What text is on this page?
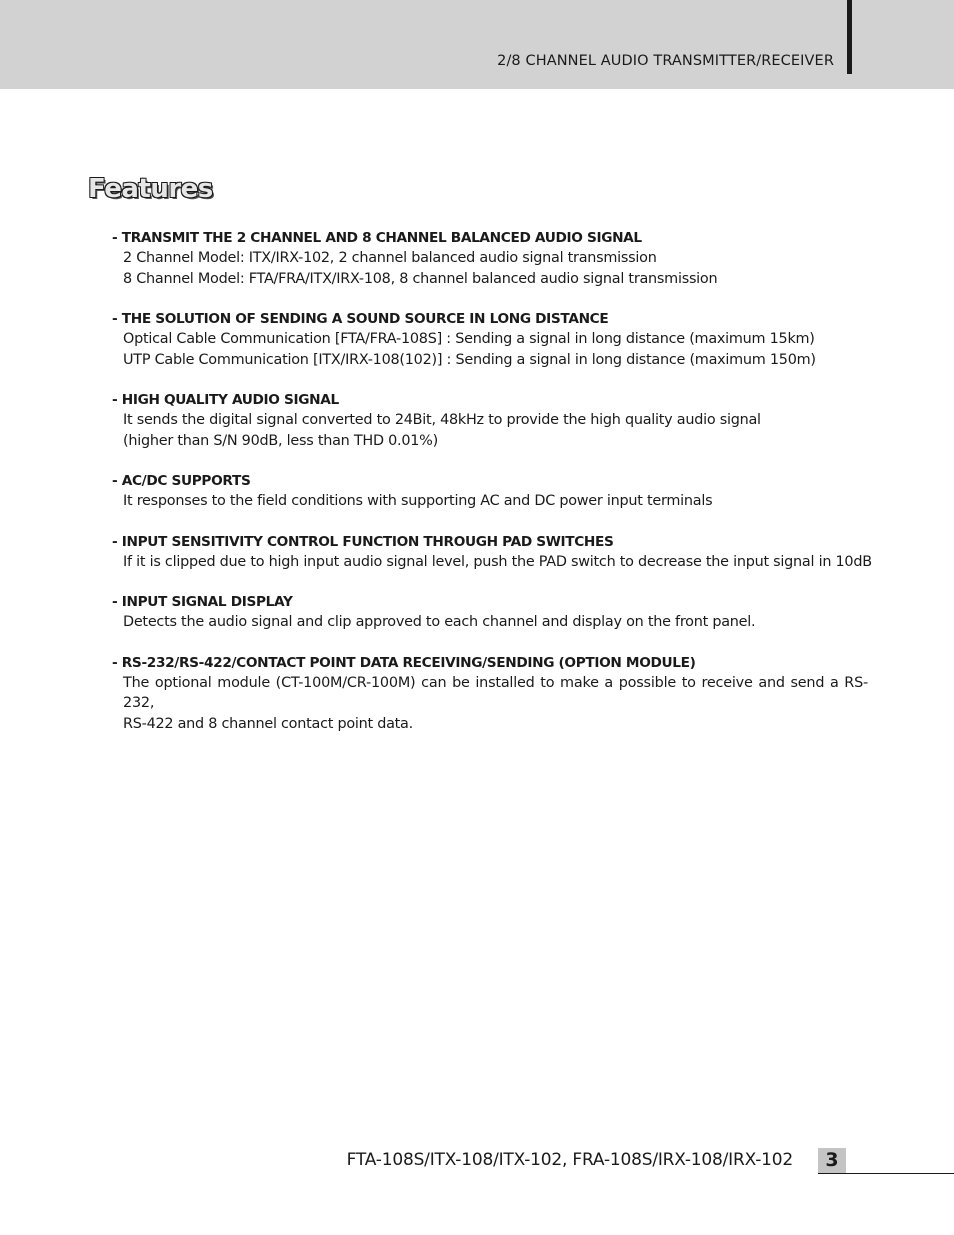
2/8 CHANNEL AUDIO TRANSMITTER/RECEIVER
Features
- TRANSMIT THE 2 CHANNEL AND 8 CHANNEL BALANCED AUDIO SIGNAL
2 Channel Model: ITX/IRX-102, 2 channel balanced audio signal transmission
8 Channel Model: FTA/FRA/ITX/IRX-108, 8 channel balanced audio signal transmission
- THE SOLUTION OF SENDING A SOUND SOURCE IN LONG DISTANCE
Optical Cable Communication [FTA/FRA-108S] : Sending a signal in long distance (maximum 15km)
UTP Cable Communication [ITX/IRX-108(102)] : Sending a signal in long distance (maximum 150m)
- HIGH QUALITY AUDIO SIGNAL
It sends the digital signal converted to 24Bit, 48kHz to provide the high quality audio signal
(higher than S/N 90dB, less than THD 0.01%)
- AC/DC SUPPORTS
It responses to the field conditions with supporting AC and DC power input terminals
- INPUT SENSITIVITY CONTROL FUNCTION THROUGH PAD SWITCHES
If it is clipped due to high input audio signal level, push the PAD switch to decrease the input signal in 10dB
- INPUT SIGNAL DISPLAY
Detects the audio signal and clip approved to each channel and display on the front panel.
- RS-232/RS-422/CONTACT POINT DATA RECEIVING/SENDING (OPTION MODULE)
The optional module (CT-100M/CR-100M) can be installed to make a possible to receive and send a RS-232,
RS-422 and 8 channel contact point data.
FTA-108S/ITX-108/ITX-102, FRA-108S/IRX-108/IRX-102	3
